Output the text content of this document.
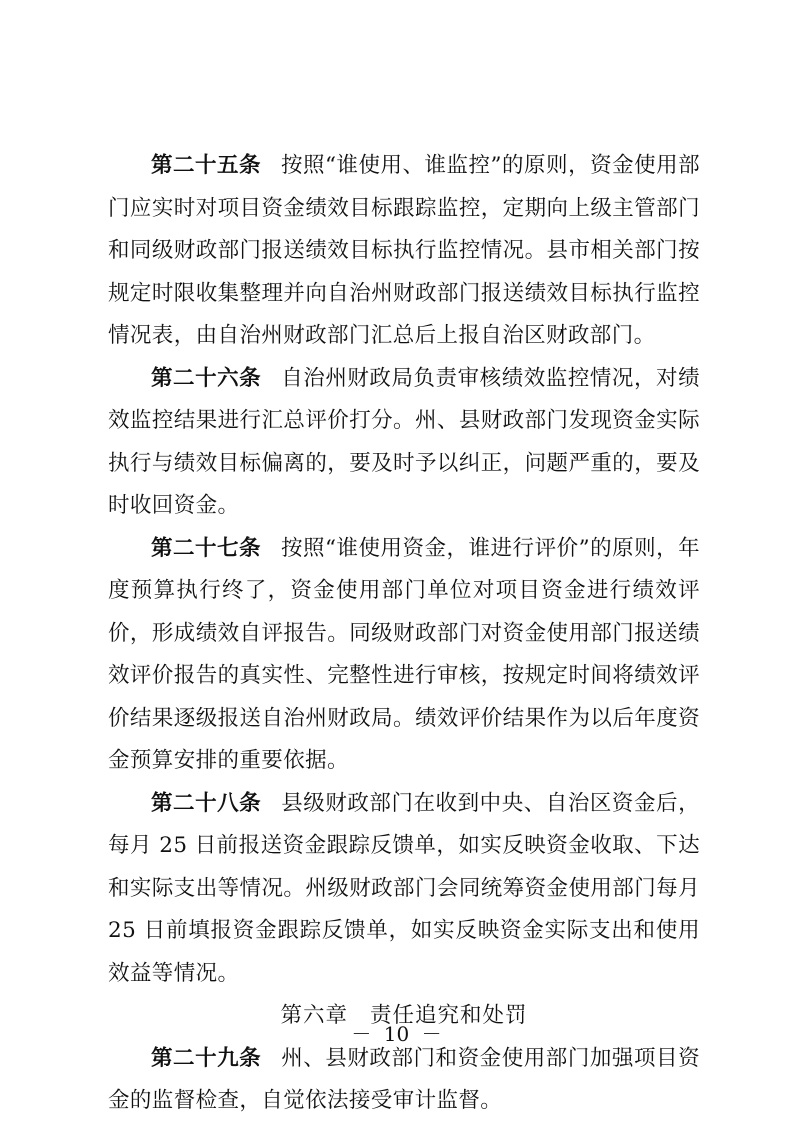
第二十五条 按照“谁使用、谁监控”的原则，资金使用部门应实时对项目资金绩效目标跟踪监控，定期向上级主管部门和同级财政部门报送绩效目标执行监控情况。县市相关部门按规定时限收集整理并向自治州财政部门报送绩效目标执行监控情况表，由自治州财政部门汇总后上报自治区财政部门。

第二十六条 自治州财政局负责审核绩效监控情况，对绩效监控结果进行汇总评价打分。州、县财政部门发现资金实际执行与绩效目标偏离的，要及时予以纠正，问题严重的，要及时收回资金。

第二十七条 按照“谁使用资金，谁进行评价”的原则，年度预算执行终了，资金使用部门单位对项目资金进行绩效评价，形成绩效自评报告。同级财政部门对资金使用部门报送绩效评价报告的真实性、完整性进行审核，按规定时间将绩效评价结果逐级报送自治州财政局。绩效评价结果作为以后年度资金预算安排的重要依据。

第二十八条 县级财政部门在收到中央、自治区资金后，每月 25 日前报送资金跟踪反馈单，如实反映资金收取、下达和实际支出等情况。州级财政部门会同统筹资金使用部门每月 25 日前填报资金跟踪反馈单，如实反映资金实际支出和使用效益等情况。

第六章 责任追究和处罚

第二十九条 州、县财政部门和资金使用部门加强项目资金的监督检查，自觉依法接受审计监督。

－ 10 －
